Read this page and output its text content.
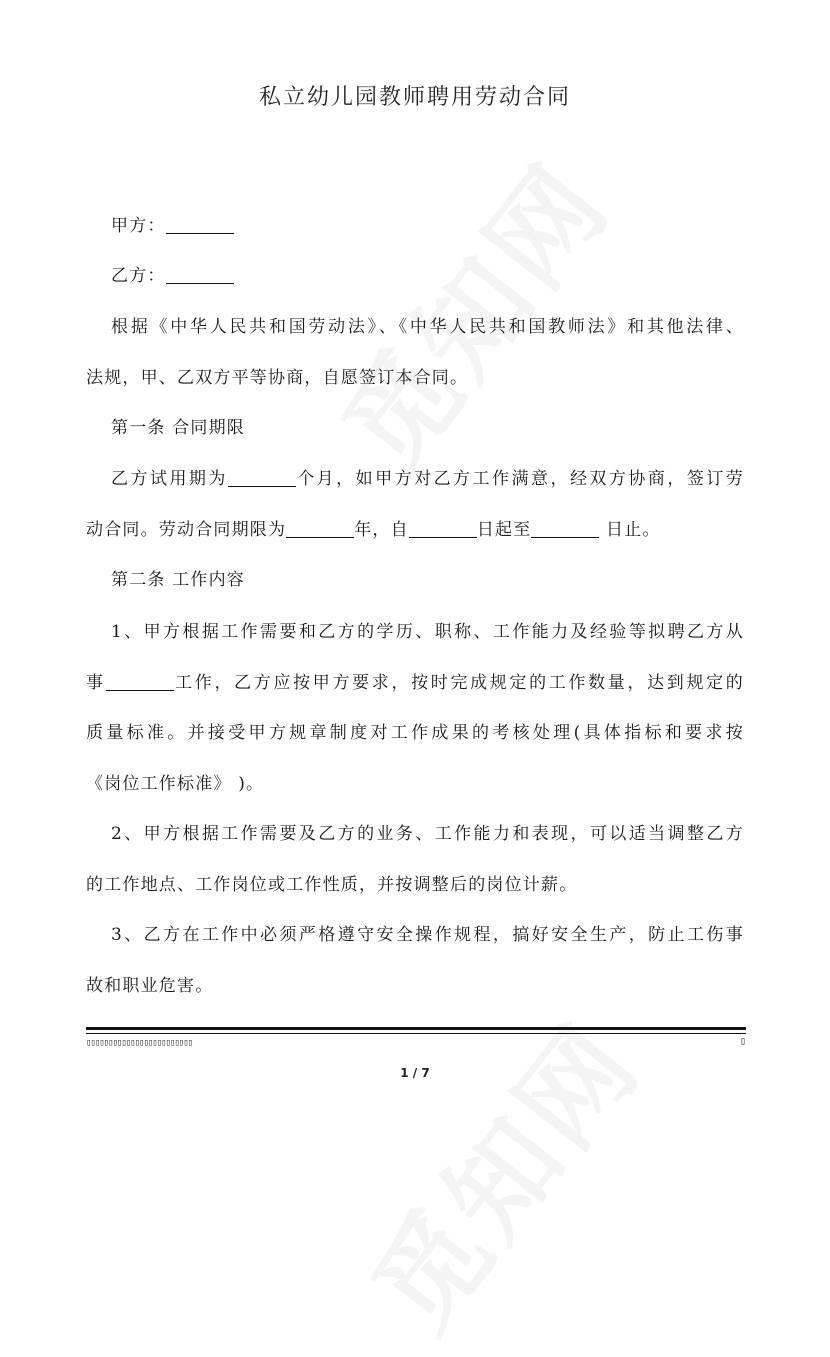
私立幼儿园教师聘用劳动合同
甲方：
乙方：
根据《中华人民共和国劳动法》、《中华人民共和国教师法》和其他法律、
法规，甲、乙双方平等协商，自愿签订本合同。
第一条 合同期限
乙方试用期为	个月，如甲方对乙方工作满意，经双方协商，签订劳
动合同。劳动合同期限为	年，自	日起至	日止。
第二条 工作内容
1、甲方根据工作需要和乙方的学历、职称、工作能力及经验等拟聘乙方从
事	工作，乙方应按甲方要求，按时完成规定的工作数量，达到规定的
质量标准。并接受甲方规章制度对工作成果的考核处理(具体指标和要求按
《岗位工作标准》 )。
2、甲方根据工作需要及乙方的业务、工作能力和表现，可以适当调整乙方
的工作地点、工作岗位或工作性质，并按调整后的岗位计薪。
3、乙方在工作中必须严格遵守安全操作规程，搞好安全生产，防止工伤事
故和职业危害。
▯▯▯▯▯▯▯▯▯▯▯▯▯▯▯▯▯▯▯▯▯▯▯▯	▯
1 / 7
